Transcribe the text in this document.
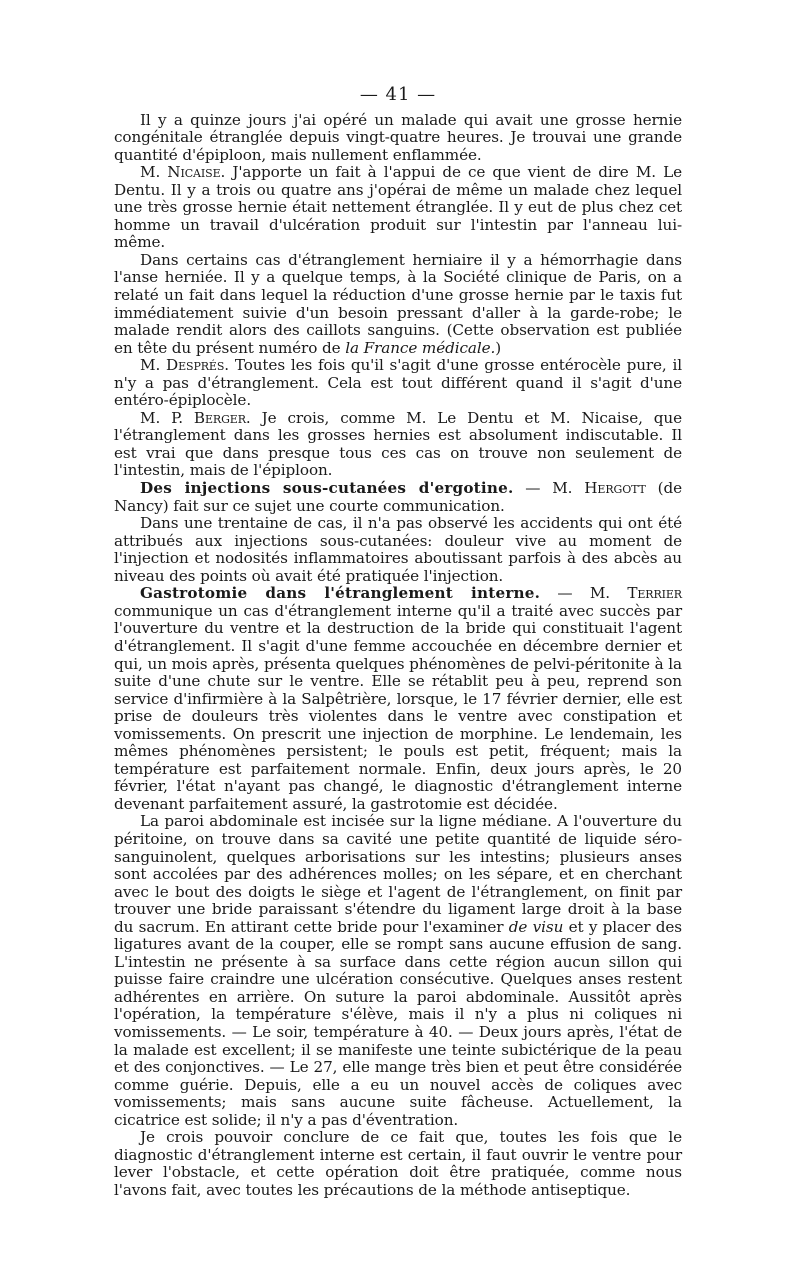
— 41 —

Il y a quinze jours j'ai opéré un malade qui avait une grosse hernie congénitale étranglée depuis vingt-quatre heures. Je trouvai une grande quantité d'épiploon, mais nullement enflammée.

M. Nicaise. J'apporte un fait à l'appui de ce que vient de dire M. Le Dentu. Il y a trois ou quatre ans j'opérai de même un malade chez lequel une très grosse hernie était nettement étranglée. Il y eut de plus chez cet homme un travail d'ulcération produit sur l'intestin par l'anneau lui-même.

Dans certains cas d'étranglement herniaire il y a hémorrhagie dans l'anse herniée. Il y a quelque temps, à la Société clinique de Paris, on a relaté un fait dans lequel la réduction d'une grosse hernie par le taxis fut immédiatement suivie d'un besoin pressant d'aller à la garde-robe; le malade rendit alors des caillots sanguins. (Cette observation est publiée en tête du présent numéro de la France médicale.)

M. Després. Toutes les fois qu'il s'agit d'une grosse entérocèle pure, il n'y a pas d'étranglement. Cela est tout différent quand il s'agit d'une entéro-épiplocèle.

M. P. Berger. Je crois, comme M. Le Dentu et M. Nicaise, que l'étranglement dans les grosses hernies est absolument indiscutable. Il est vrai que dans presque tous ces cas on trouve non seulement de l'intestin, mais de l'épiploon.

Des injections sous-cutanées d'ergotine. — M. Hergott (de Nancy) fait sur ce sujet une courte communication.

Dans une trentaine de cas, il n'a pas observé les accidents qui ont été attribués aux injections sous-cutanées: douleur vive au moment de l'injection et nodosités inflammatoires aboutissant parfois à des abcès au niveau des points où avait été pratiquée l'injection.

Gastrotomie dans l'étranglement interne. — M. Terrier communique un cas d'étranglement interne qu'il a traité avec succès par l'ouverture du ventre et la destruction de la bride qui constituait l'agent d'étranglement. Il s'agit d'une femme accouchée en décembre dernier et qui, un mois après, présenta quelques phénomènes de pelvi-péritonite à la suite d'une chute sur le ventre. Elle se rétablit peu à peu, reprend son service d'infirmière à la Salpêtrière, lorsque, le 17 février dernier, elle est prise de douleurs très violentes dans le ventre avec constipation et vomissements. On prescrit une injection de morphine. Le lendemain, les mêmes phénomènes persistent; le pouls est petit, fréquent; mais la température est parfaitement normale. Enfin, deux jours après, le 20 février, l'état n'ayant pas changé, le diagnostic d'étranglement interne devenant parfaitement assuré, la gastrotomie est décidée.

La paroi abdominale est incisée sur la ligne médiane. A l'ouverture du péritoine, on trouve dans sa cavité une petite quantité de liquide séro-sanguinolent, quelques arborisations sur les intestins; plusieurs anses sont accolées par des adhérences molles; on les sépare, et en cherchant avec le bout des doigts le siège et l'agent de l'étranglement, on finit par trouver une bride paraissant s'étendre du ligament large droit à la base du sacrum. En attirant cette bride pour l'examiner de visu et y placer des ligatures avant de la couper, elle se rompt sans aucune effusion de sang. L'intestin ne présente à sa surface dans cette région aucun sillon qui puisse faire craindre une ulcération consécutive. Quelques anses restent adhérentes en arrière. On suture la paroi abdominale. Aussitôt après l'opération, la température s'élève, mais il n'y a plus ni coliques ni vomissements. — Le soir, température à 40. — Deux jours après, l'état de la malade est excellent; il se manifeste une teinte subictérique de la peau et des conjonctives. — Le 27, elle mange très bien et peut être considérée comme guérie. Depuis, elle a eu un nouvel accès de coliques avec vomissements; mais sans aucune suite fâcheuse. Actuellement, la cicatrice est solide; il n'y a pas d'éventration.

Je crois pouvoir conclure de ce fait que, toutes les fois que le diagnostic d'étranglement interne est certain, il faut ouvrir le ventre pour lever l'obstacle, et cette opération doit être pratiquée, comme nous l'avons fait, avec toutes les précautions de la méthode antiseptique.
